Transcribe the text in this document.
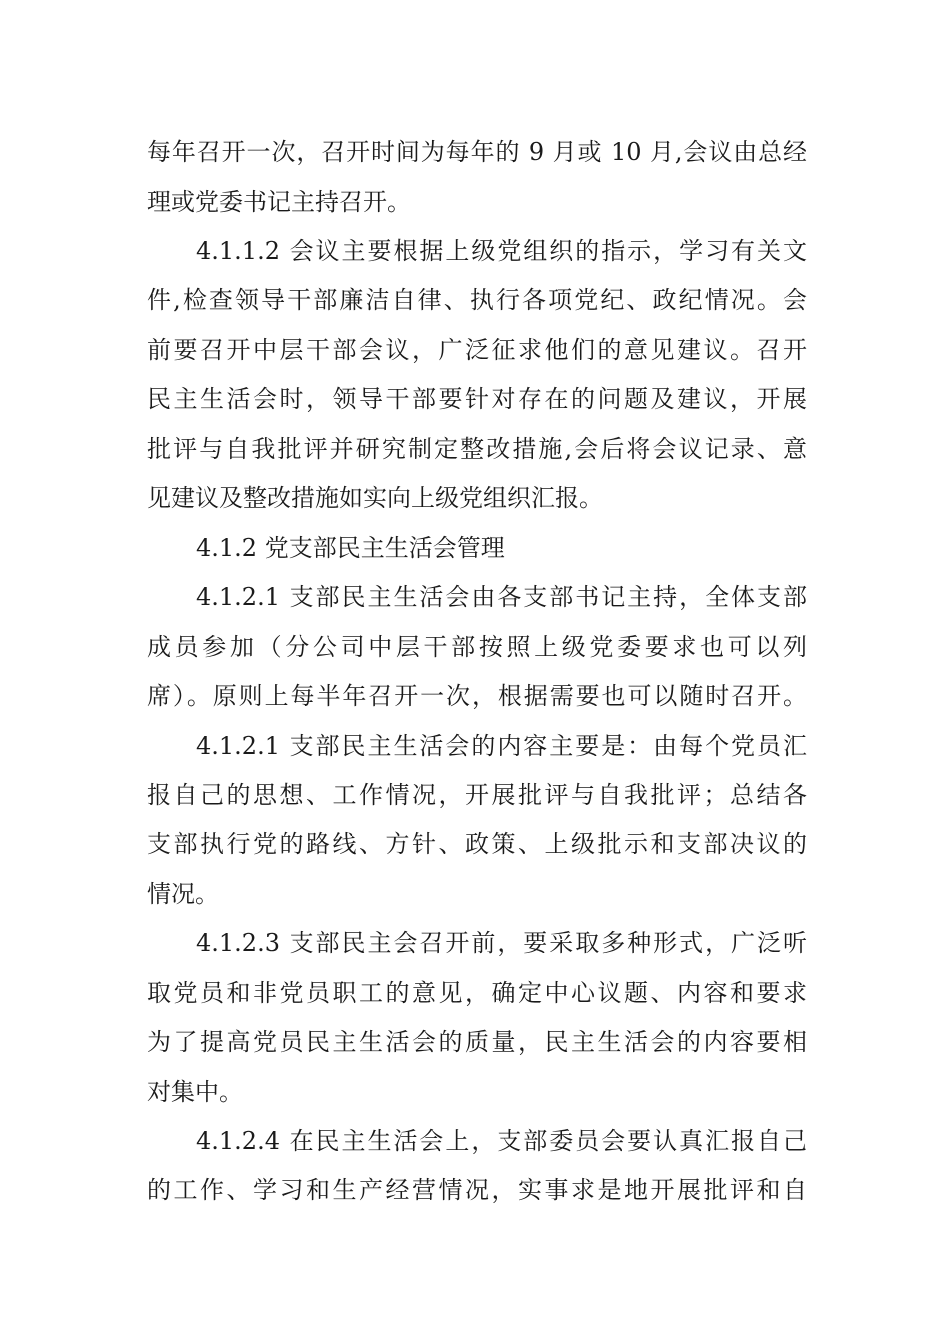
每年召开一次，召开时间为每年的 9 月或 10 月,会议由总经
理或党委书记主持召开。
4.1.1.2 会议主要根据上级党组织的指示，学习有关文
件,检查领导干部廉洁自律、执行各项党纪、政纪情况。会
前要召开中层干部会议，广泛征求他们的意见建议。召开
民主生活会时，领导干部要针对存在的问题及建议，开展
批评与自我批评并研究制定整改措施,会后将会议记录、意
见建议及整改措施如实向上级党组织汇报。
4.1.2 党支部民主生活会管理
4.1.2.1 支部民主生活会由各支部书记主持，全体支部
成员参加（分公司中层干部按照上级党委要求也可以列
席）。原则上每半年召开一次，根据需要也可以随时召开。
4.1.2.1 支部民主生活会的内容主要是：由每个党员汇
报自己的思想、工作情况，开展批评与自我批评；总结各
支部执行党的路线、方针、政策、上级批示和支部决议的
情况。
4.1.2.3 支部民主会召开前，要采取多种形式，广泛听
取党员和非党员职工的意见，确定中心议题、内容和要求
为了提高党员民主生活会的质量，民主生活会的内容要相
对集中。
4.1.2.4 在民主生活会上，支部委员会要认真汇报自己
的工作、学习和生产经营情况，实事求是地开展批评和自
